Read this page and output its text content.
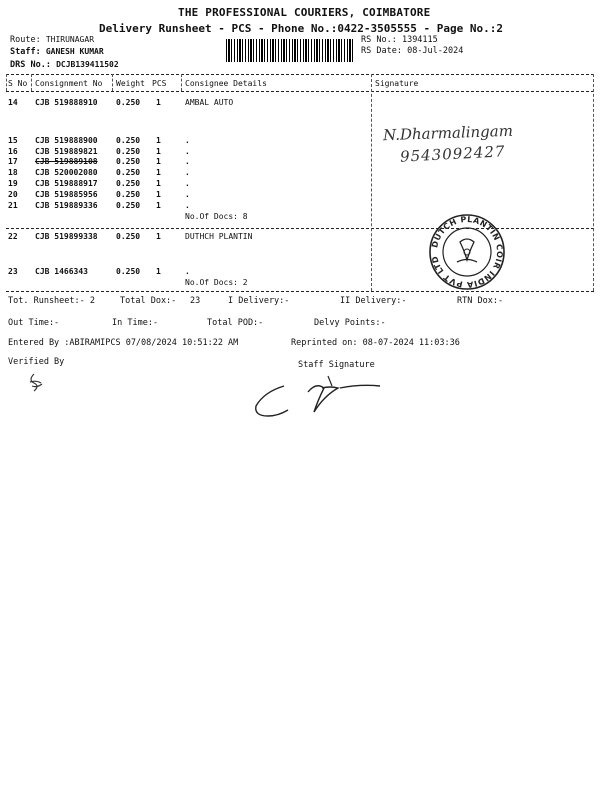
THE PROFESSIONAL COURIERS, COIMBATORE
Delivery Runsheet - PCS - Phone No.:0422-3505555 - Page No.:2
Route: THIRUNAGAR
Staff: GANESH KUMAR
DRS No.: DCJB139411502
RS No.: 1394115
RS Date: 08-Jul-2024
S No Consignment No Weight PCS Consignee Details	Signature
14 CJB 519888910 0.250 1	AMBAL AUTO
15 CJB 519888900 0.250 1	.
16 CJB 519889821 0.250 1	.
17 CJB 519889108 0.250 1	.
18 CJB 520002080 0.250 1	.
19 CJB 519888917 0.250 1	.
20 CJB 519885956 0.250 1	.
21 CJB 519889336 0.250 1	.
No.Of Docs: 8
N.Dharmalingam
9543092427
22 CJB 519899338 0.250 1	DUTHCH PLANTIN
23 CJB 1466343	0.250 1	.
No.Of Docs: 2
DUTCH PLANTIN COIR INDIA PVT LTD
Tot. Runsheet:- 2	Total Dox:- 23	I Delivery:-	II Delivery:-	RTN Dox:-
Out Time:-	In Time:-	Total POD:-	Delvy Points:-
Entered By :ABIRAMIPCS 07/08/2024 10:51:22 AM	Reprinted on: 08-07-2024 11:03:36
Verified By	Staff Signature
